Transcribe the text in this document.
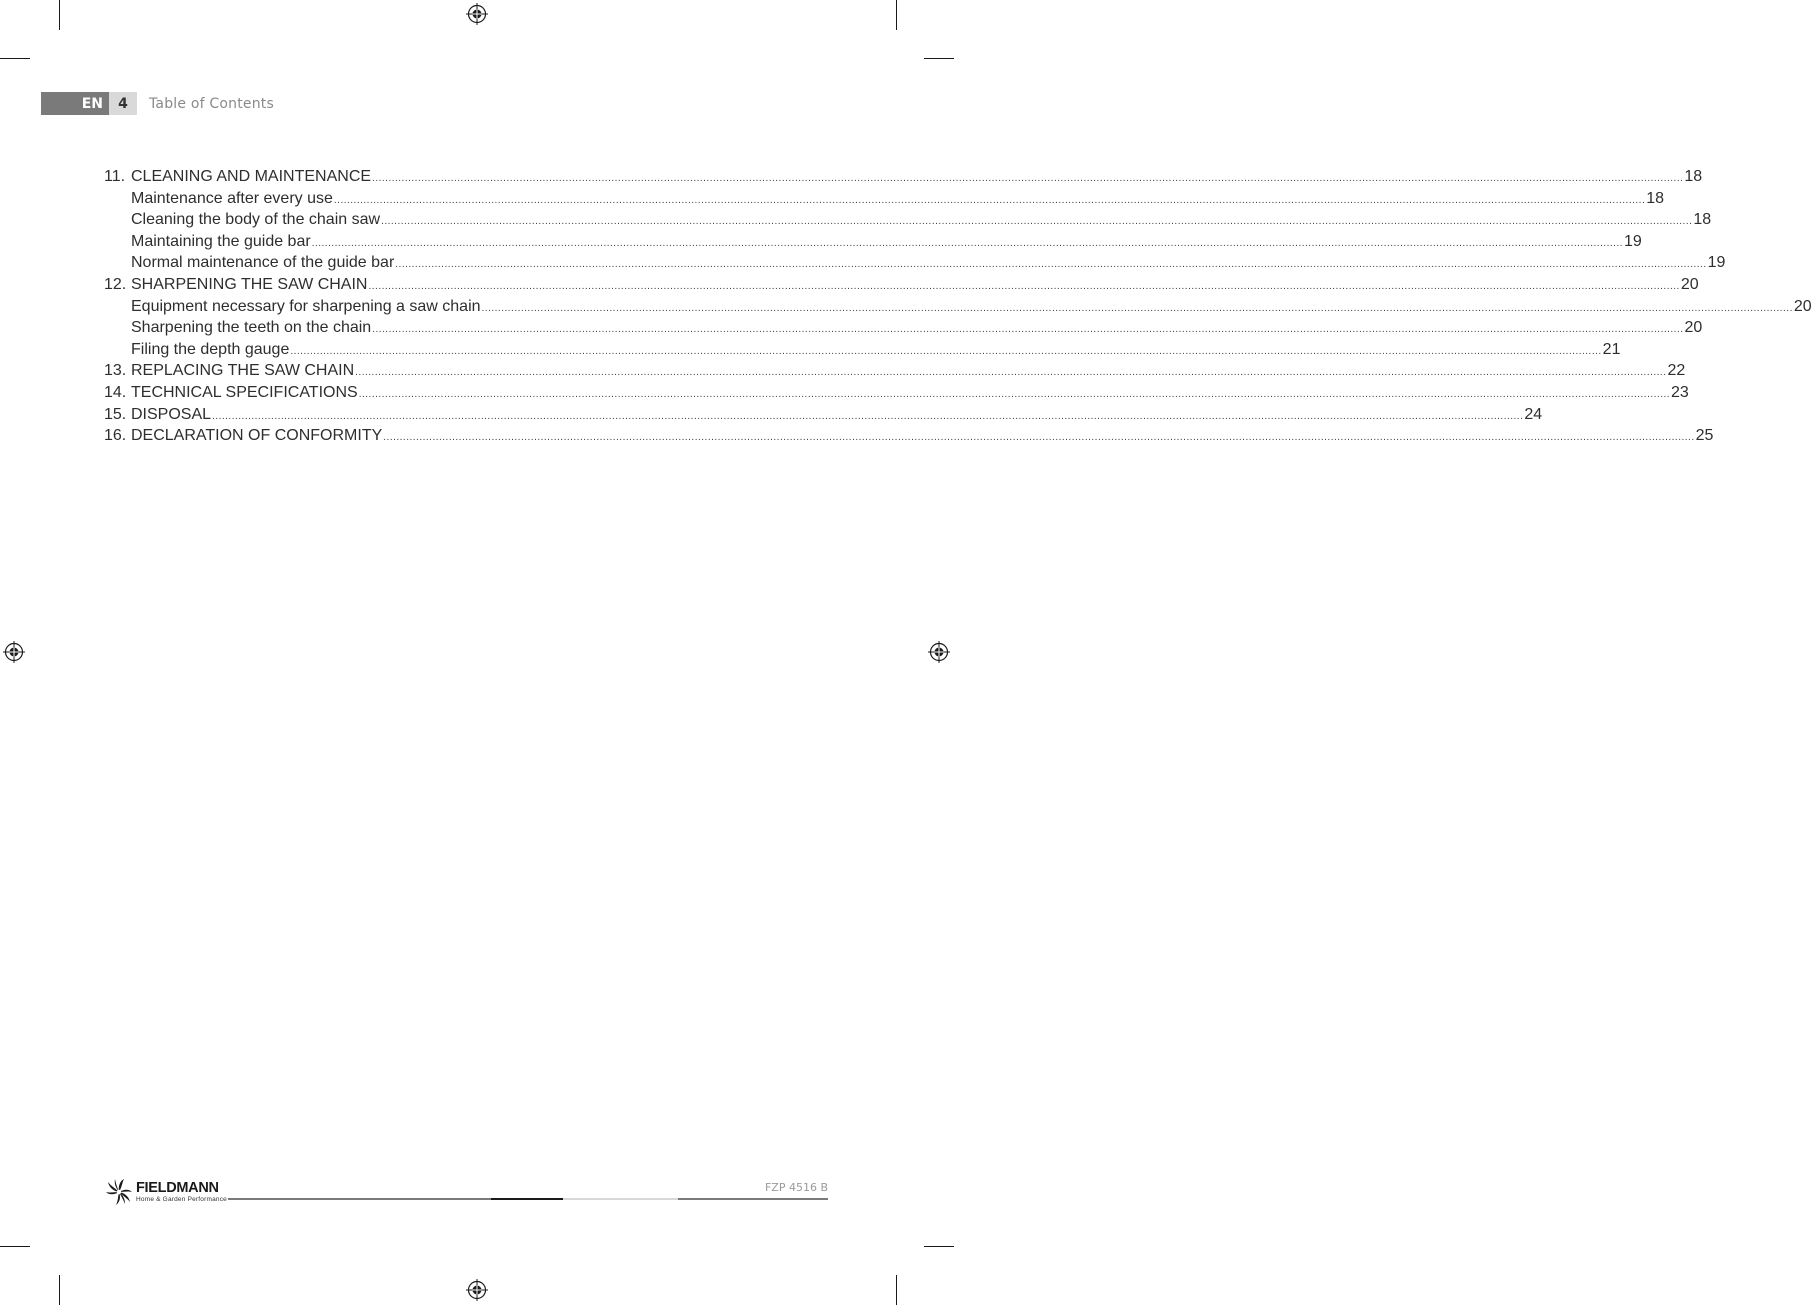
EN	4	Table of Contents
11. CLEANING AND MAINTENANCE ................................................................................................................................................................................................................................................................................................................................................................................................................ 18
Maintenance after every use ................................................................................................................................................................................................................................................................................................................................................................................................................ 18
Cleaning the body of the chain saw ................................................................................................................................................................................................................................................................................................................................................................................................................ 18
Maintaining the guide bar ................................................................................................................................................................................................................................................................................................................................................................................................................ 19
Normal maintenance of the guide bar ................................................................................................................................................................................................................................................................................................................................................................................................................ 19
12. SHARPENING THE SAW CHAIN ................................................................................................................................................................................................................................................................................................................................................................................................................ 20
Equipment necessary for sharpening a saw chain ................................................................................................................................................................................................................................................................................................................................................................................................................ 20
Sharpening the teeth on the chain ................................................................................................................................................................................................................................................................................................................................................................................................................ 20
Filing the depth gauge ................................................................................................................................................................................................................................................................................................................................................................................................................ 21
13. REPLACING THE SAW CHAIN ................................................................................................................................................................................................................................................................................................................................................................................................................ 22
14. TECHNICAL SPECIFICATIONS ................................................................................................................................................................................................................................................................................................................................................................................................................ 23
15. DISPOSAL ................................................................................................................................................................................................................................................................................................................................................................................................................ 24
16. DECLARATION OF CONFORMITY ................................................................................................................................................................................................................................................................................................................................................................................................................ 25
FIELDMANN
Home & Garden Performance
FZP 4516 B
